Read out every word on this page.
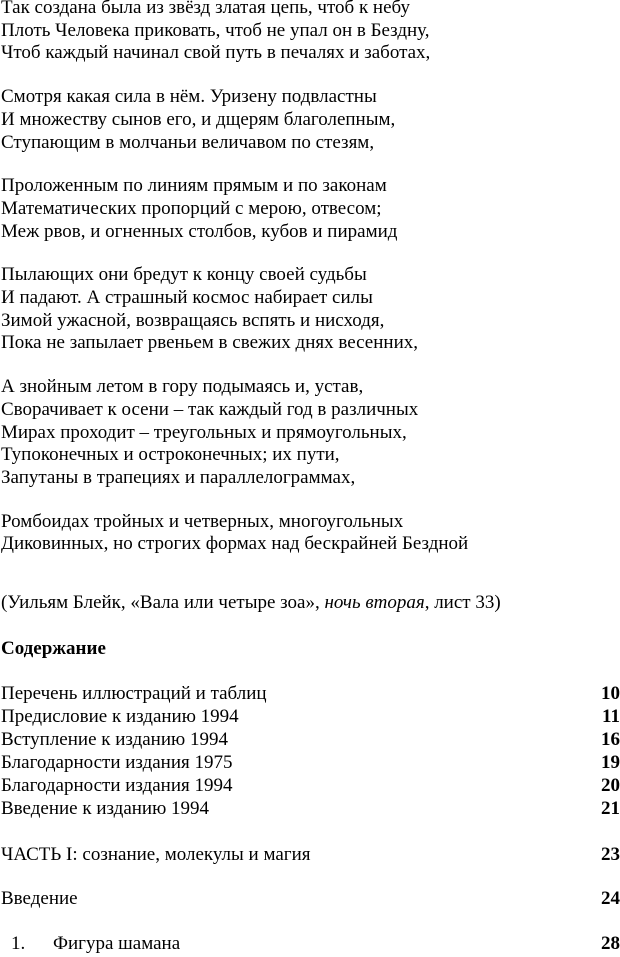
Так создана была из звёзд златая цепь, чтоб к небу
Плоть Человека приковать, чтоб не упал он в Бездну,
Чтоб каждый начинал свой путь в печалях и заботах,
Смотря какая сила в нём. Уризену подвластны
И множеству сынов его, и дщерям благолепным,
Ступающим в молчаньи величавом по стезям,
Проложенным по линиям прямым и по законам
Математических пропорций с мерою, отвесом;
Меж рвов, и огненных столбов, кубов и пирамид
Пылающих они бредут к концу своей судьбы
И падают. А страшный космос набирает силы
Зимой ужасной, возвращаясь вспять и нисходя,
Пока не запылает рвеньем в свежих днях весенних,
А знойным летом в гору подымаясь и, устав,
Сворачивает к осени – так каждый год в различных
Мирах проходит – треугольных и прямоугольных,
Тупоконечных и остроконечных; их пути,
Запутаны в трапециях и параллелограммах,
Ромбоидах тройных и четверных, многоугольных
Диковинных, но строгих формах над бескрайней Бездной
(Уильям Блейк, «Вала или четыре зоа», ночь вторая, лист 33)
Содержание
Перечень иллюстраций и таблиц	10
Предисловие к изданию 1994	11
Вступление к изданию 1994	16
Благодарности издания 1975	19
Благодарности издания 1994	20
Введение к изданию 1994	21
ЧАСТЬ I: сознание, молекулы и магия	23
Введение	24
1. Фигура шамана	28
